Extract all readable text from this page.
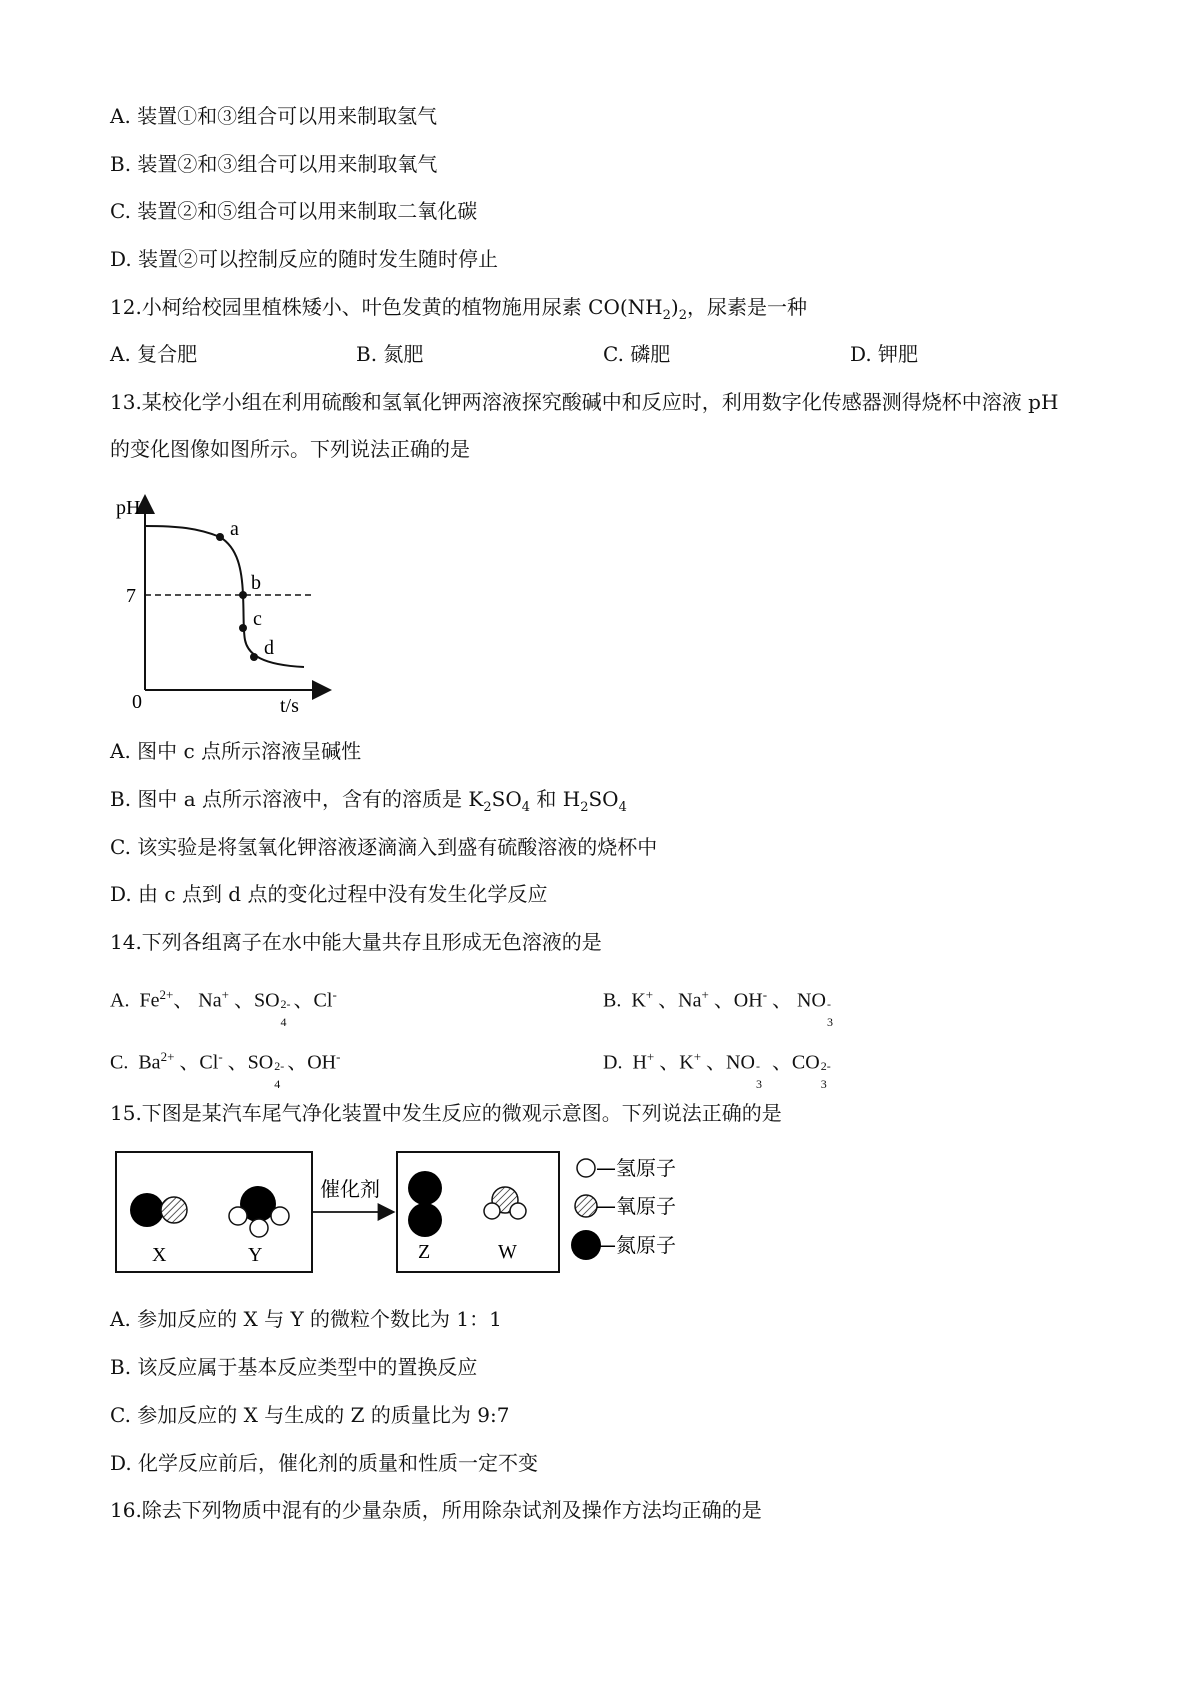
A. 装置①和③组合可以用来制取氢气
B. 装置②和③组合可以用来制取氧气
C. 装置②和⑤组合可以用来制取二氧化碳
D. 装置②可以控制反应的随时发生随时停止
12.小柯给校园里植株矮小、叶色发黄的植物施用尿素 $CO(NH_2)_2$，尿素是一种
A. 复合肥	B. 氮肥	C. 磷肥	D. 钾肥
13.某校化学小组在利用硫酸和氢氧化钾两溶液探究酸碱中和反应时，利用数字化传感器测得烧杯中溶液 pH
的变化图像如图所示。下列说法正确的是
pH
t/s
0
7
a
b
c
d
A. 图中 c 点所示溶液呈碱性
B. 图中 a 点所示溶液中，含有的溶质是 $K_2SO_4$ 和 $H_2SO_4$
C. 该实验是将氢氧化钾溶液逐滴滴入到盛有硫酸溶液的烧杯中
D. 由 c 点到 d 点的变化过程中没有发生化学反应
14.下列各组离子在水中能大量共存且形成无色溶液的是
A.  $Fe^{2+}$、 Na+ 、SO 2-
4
、Cl-	B.  K+ 、Na+ 、OH- 、 NO -
3
C.  $Ba^{2+}$ 、Cl- 、SO 2-
4
、OH-	D.  H+ 、K+ 、NO -
3
、CO 2-
3
15.下图是某汽车尾气净化装置中发生反应的微观示意图。下列说法正确的是
X	Y
催化剂
Z	W
—氢原子
—氧原子
—氮原子
A. 参加反应的 X 与 Y 的微粒个数比为 1：1
B. 该反应属于基本反应类型中的置换反应
C. 参加反应的 X 与生成的 Z 的质量比为 9:7
D. 化学反应前后，催化剂的质量和性质一定不变
16.除去下列物质中混有的少量杂质，所用除杂试剂及操作方法均正确的是
